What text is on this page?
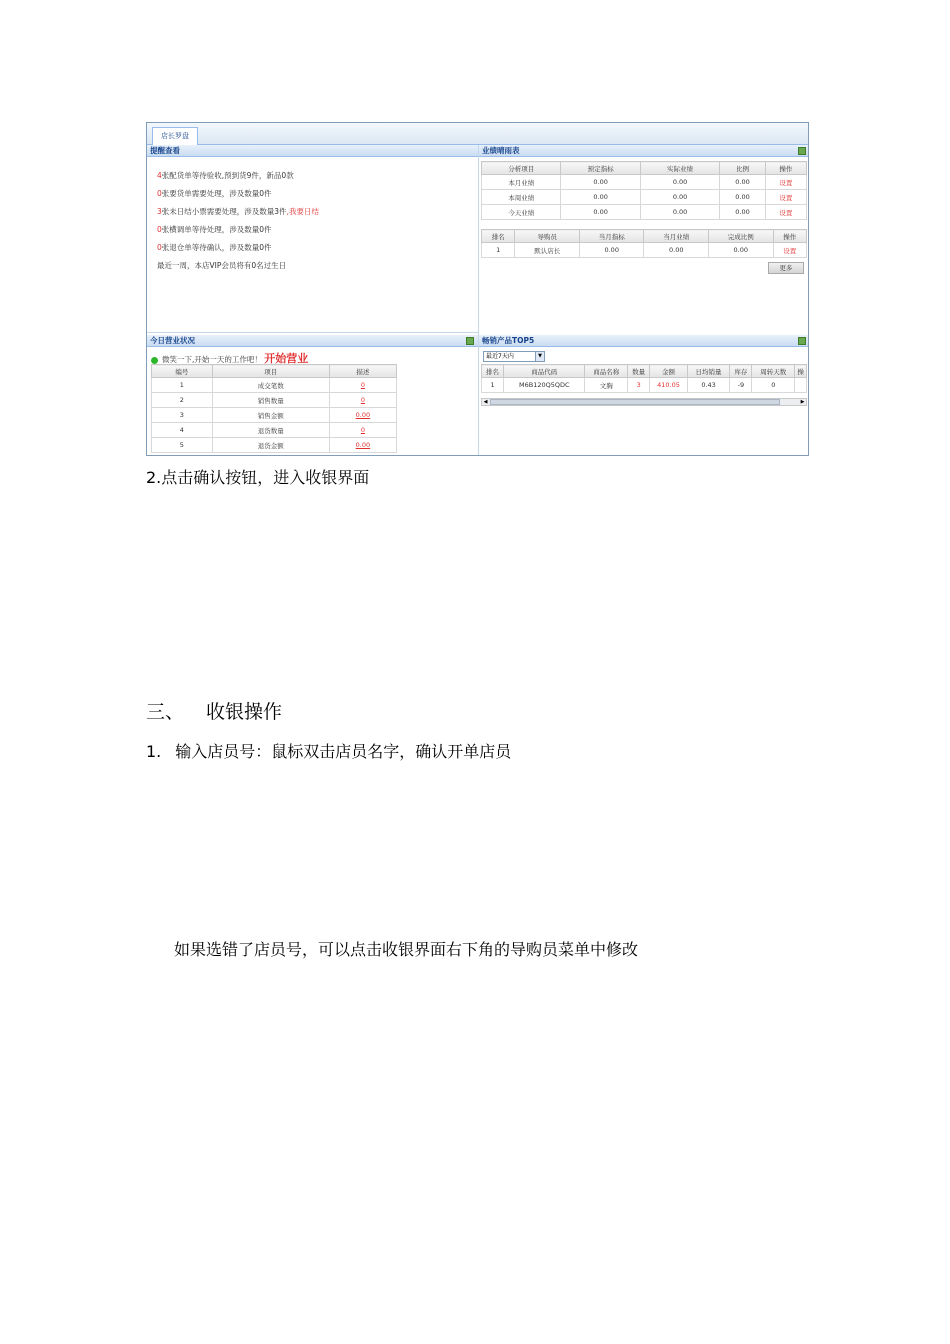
店长罗盘
提醒查看
4张配货单等待验收,预到货9件，新品0款
0张要货单需要处理，涉及数量0件
3张未日结小票需要处理，涉及数量3件,我要日结
0张横调单等待处理，涉及数量0件
0张退仓单等待确认，涉及数量0件
最近一周，本店VIP会员将有0名过生日
业绩晴雨表
分析项目	预定指标	实际业绩	比例	操作
本月业绩	0.00	0.00	0.00	设置
本周业绩	0.00	0.00	0.00	设置
今天业绩	0.00	0.00	0.00	设置
排名	导购员	当月指标	当月业绩	完成比例	操作
1	默认店长	0.00	0.00	0.00	设置
更多
今日营业状况
微笑一下,开始一天的工作吧！ 开始营业
编号	项目	描述
1	成交笔数	0
2	销售数量	0
3	销售金额	0.00
4	退货数量	0
5	退货金额	0.00
畅销产品TOP5
最近7天内	▼
排名	商品代码	商品名称	数量	金额	日均销量	库存	周转天数	操
1	M6B120Q5QDC	文胸	3	410.05	0.43	-9	0	
◀	▶
2.点击确认按钮，进入收银界面
三、 收银操作
1. 输入店员号：鼠标双击店员名字，确认开单店员
如果选错了店员号，可以点击收银界面右下角的导购员菜单中修改
